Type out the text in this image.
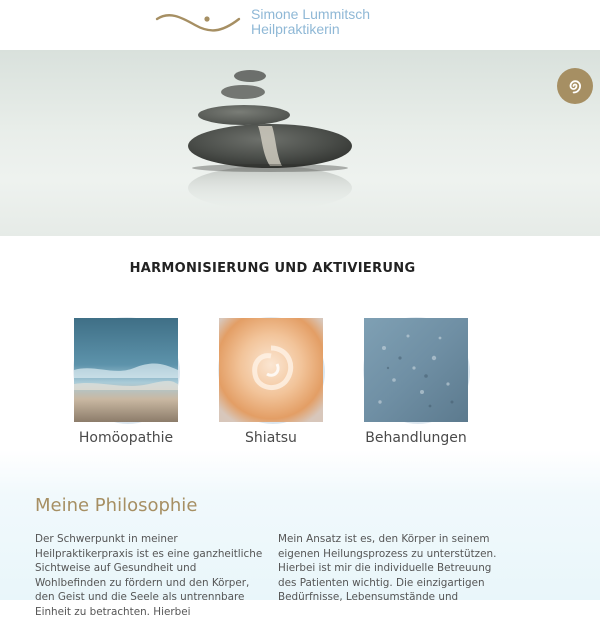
Simone Lummitsch
Heilpraktikerin
HARMONISIERUNG UND AKTIVIERUNG
Homöopathie	Shiatsu	Behandlungen
Meine Philosophie

Der Schwerpunkt in meiner Heilpraktikerpraxis ist es eine ganzheitliche Sichtweise auf Gesundheit und Wohlbefinden zu fördern und den Körper, den Geist und die Seele als untrennbare Einheit zu betrachten. Hierbei

Mein Ansatz ist es, den Körper in seinem eigenen Heilungsprozess zu unterstützen. Hierbei ist mir die individuelle Betreuung des Patienten wichtig. Die einzigartigen Bedürfnisse, Lebensumstände und
